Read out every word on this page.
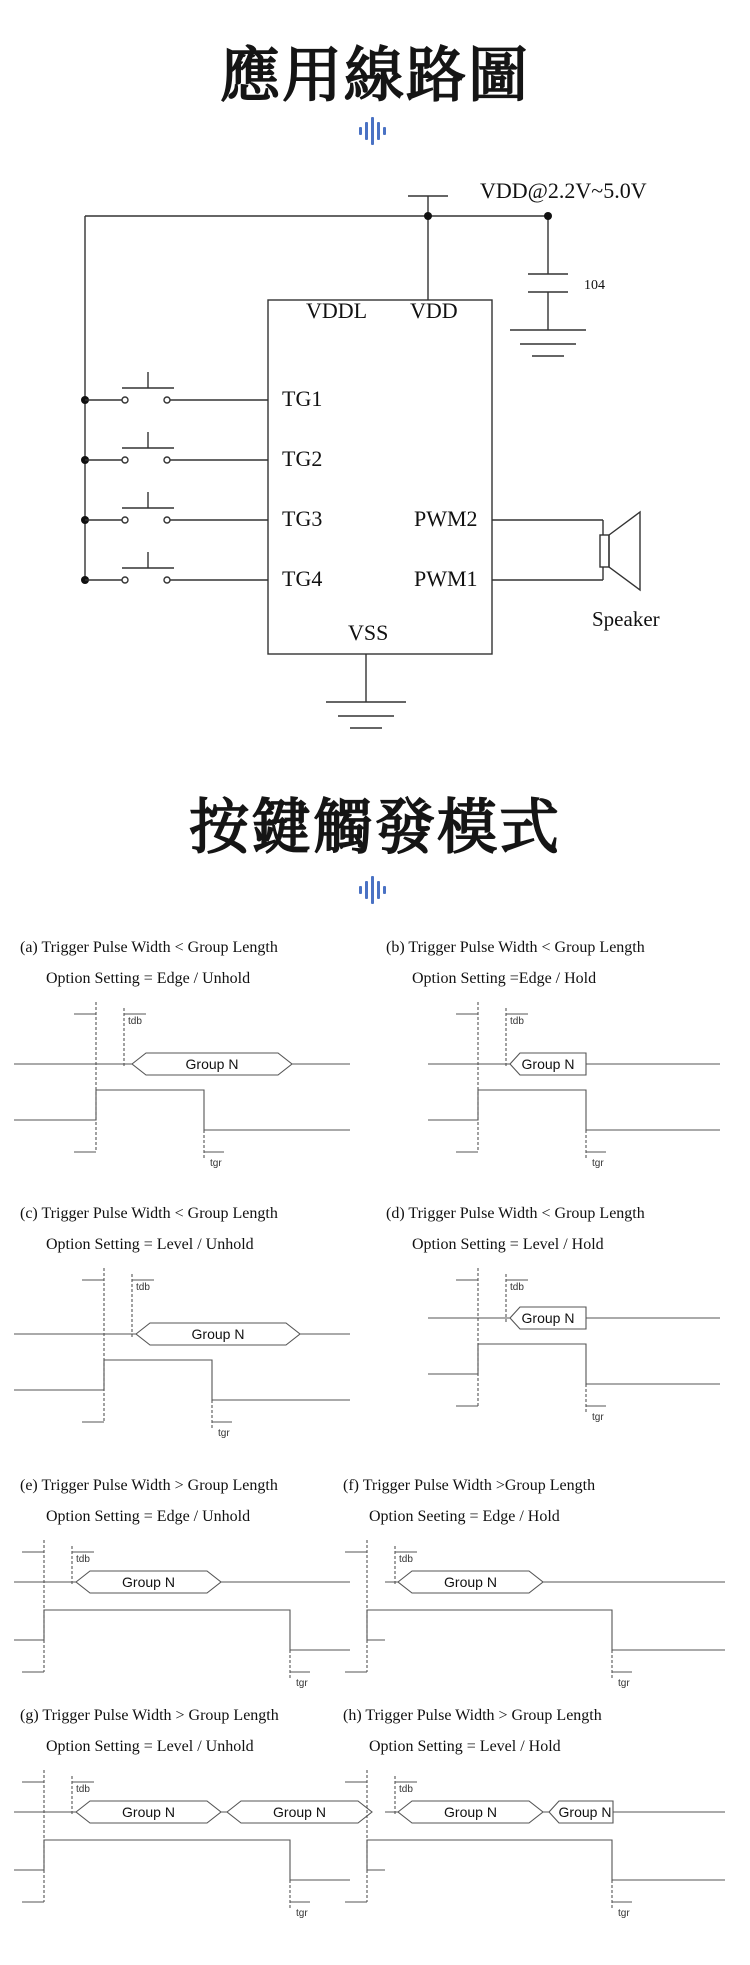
應用線路圖
VDD@2.2V~5.0V
104
VDDL VDD
TG1
TG2
TG3
TG4
PWM2
PWM1
VSS
Speaker
按鍵觸發模式
(a) Trigger Pulse Width < Group Length
Option Setting = Edge / Unhold
tdb
Group N
tgr
(b) Trigger Pulse Width < Group Length
Option Setting =Edge / Hold
tdb
Group N
tgr
(c) Trigger Pulse Width < Group Length
Option Setting = Level / Unhold
tdb
Group N
tgr
(d) Trigger Pulse Width < Group Length
Option Setting = Level / Hold
tdb
Group N
tgr
(e) Trigger Pulse Width > Group Length
Option Setting = Edge / Unhold
tdb
Group N
tgr
(f) Trigger Pulse Width >Group Length
Option Seeting = Edge / Hold
tdb
Group N
tgr
(g) Trigger Pulse Width > Group Length
Option Setting = Level / Unhold
tdb
Group N	Group N
tgr
(h) Trigger Pulse Width > Group Length
Option Setting = Level / Hold
tdb
Group N	Group N
tgr
